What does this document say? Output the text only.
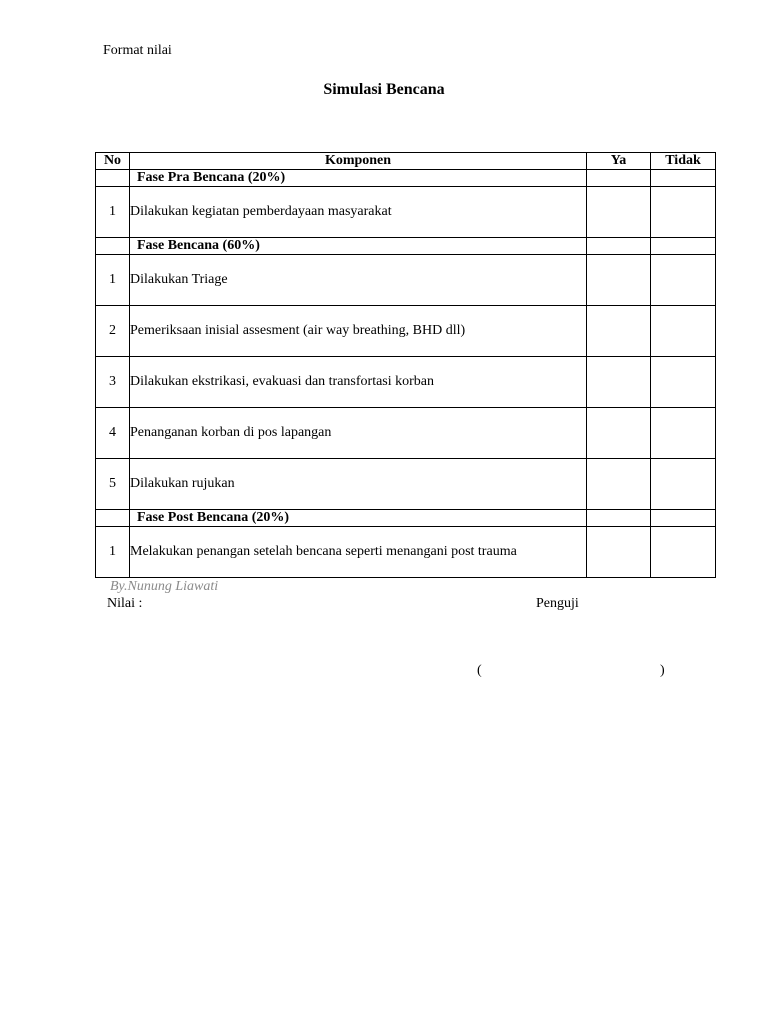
Format nilai
Simulasi Bencana
No	Komponen	Ya	Tidak
	Fase Pra Bencana (20%)		
1	Dilakukan kegiatan pemberdayaan masyarakat		
	Fase Bencana (60%)		
1	Dilakukan Triage		
2	Pemeriksaan inisial assesment (air way breathing, BHD dll)		
3	Dilakukan ekstrikasi, evakuasi dan transfortasi korban		
4	Penanganan korban di pos lapangan		
5	Dilakukan rujukan		
	Fase Post Bencana (20%)		
1	Melakukan penangan setelah bencana seperti menangani post trauma		
By.Nunung Liawati
Nilai :	Penguji
(	)
